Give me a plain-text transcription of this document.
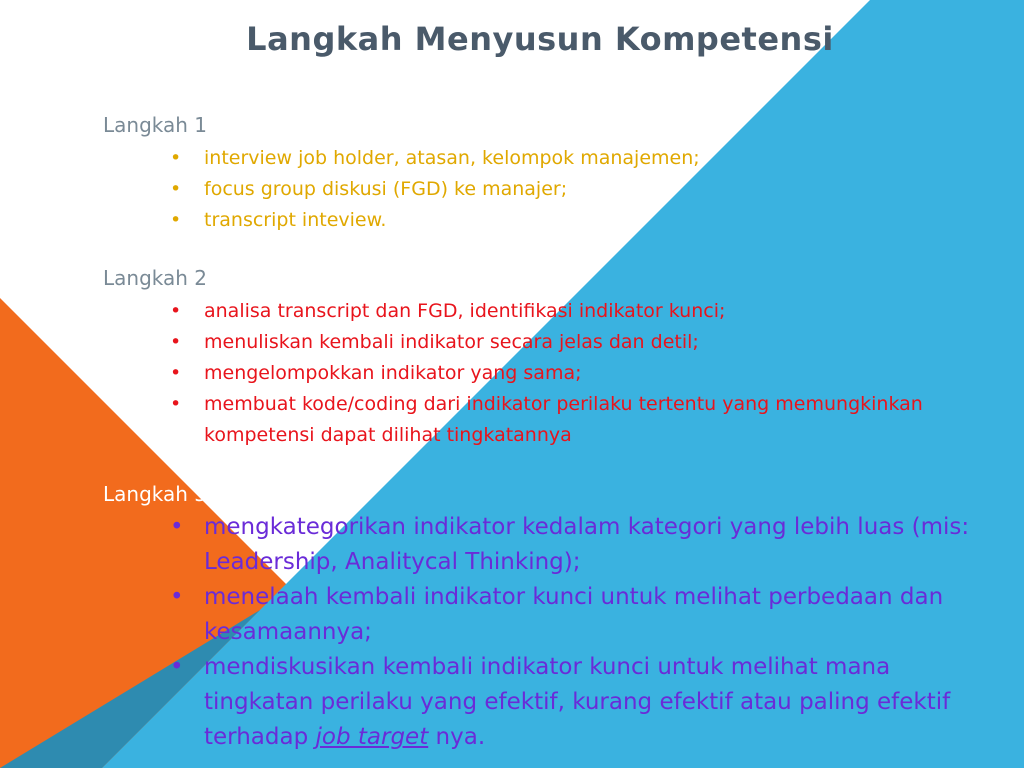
Langkah Menyusun Kompetensi
Langkah 1
• interview job holder, atasan, kelompok manajemen;
• focus group diskusi (FGD) ke manajer;
• transcript inteview.
Langkah 2
• analisa transcript dan FGD, identifikasi indikator kunci;
• menuliskan kembali indikator secara jelas dan detil;
• mengelompokkan indikator yang sama;
• membuat kode/coding dari indikator perilaku tertentu yang memungkinkan kompetensi dapat dilihat tingkatannya
Langkah 3
• mengkategorikan indikator kedalam kategori yang lebih luas (mis: Leadership, Analitycal Thinking);
• menelaah kembali indikator kunci untuk melihat perbedaan dan kesamaannya;
• mendiskusikan kembali indikator kunci untuk melihat mana tingkatan perilaku yang efektif, kurang efektif atau paling efektif terhadap job target nya.
